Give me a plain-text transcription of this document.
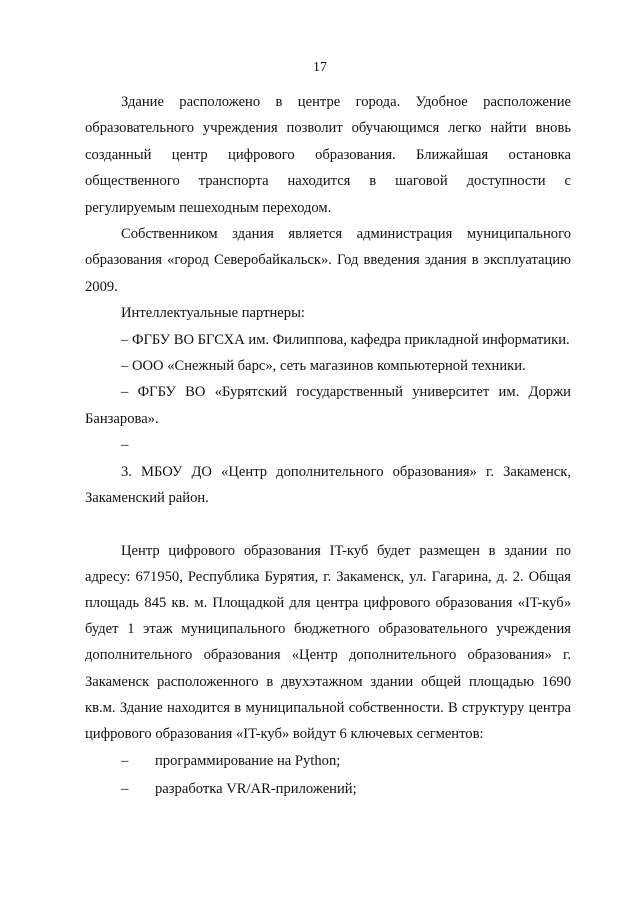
17

Здание расположено в центре города. Удобное расположение образовательного учреждения позволит обучающимся легко найти вновь созданный центр цифрового образования. Ближайшая остановка общественного транспорта находится в шаговой доступности с регулируемым пешеходным переходом.

Собственником здания является администрация муниципального образования «город Северобайкальск». Год введения здания в эксплуатацию 2009.

Интеллектуальные партнеры:

– ФГБУ ВО БГСХА им. Филиппова, кафедра прикладной информатики.

– ООО «Снежный барс», сеть магазинов компьютерной техники.

– ФГБУ ВО «Бурятский государственный университет им. Доржи Банзарова».

–

3. МБОУ ДО «Центр дополнительного образования» г. Закаменск, Закаменский район.

Центр цифрового образования IT-куб будет размещен в здании по адресу: 671950, Республика Бурятия, г. Закаменск, ул. Гагарина, д. 2. Общая площадь 845 кв. м. Площадкой для центра цифрового образования «IT-куб» будет 1 этаж муниципального бюджетного образовательного учреждения дополнительного образования «Центр дополнительного образования» г. Закаменск расположенного в двухэтажном здании общей площадью 1690 кв.м. Здание находится в муниципальной собственности. В структуру центра цифрового образования «IT-куб» войдут 6 ключевых сегментов:

– программирование на Python;

– разработка VR/AR-приложений;
